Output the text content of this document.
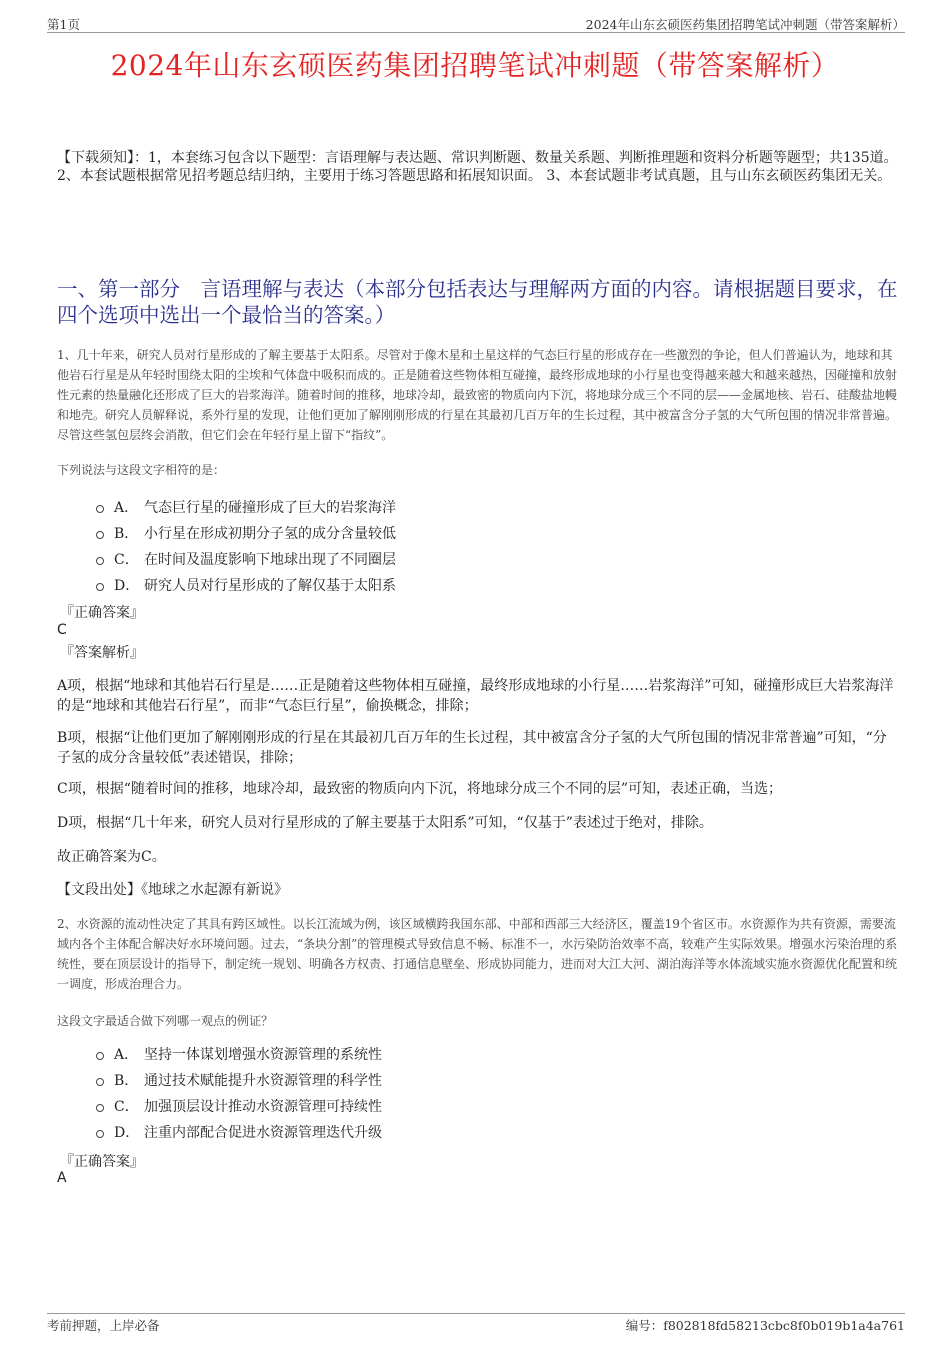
第1页	2024年山东玄硕医药集团招聘笔试冲刺题（带答案解析）
2024年山东玄硕医药集团招聘笔试冲刺题（带答案解析）
【下载须知】：1，本套练习包含以下题型：言语理解与表达题、常识判断题、数量关系题、判断推理题和资料分析题等题型；共135道。 2、本套试题根据常见招考题总结归纳，主要用于练习答题思路和拓展知识面。 3、本套试题非考试真题，且与山东玄硕医药集团无关。
一、第一部分　言语理解与表达（本部分包括表达与理解两方面的内容。请根据题目要求，在四个选项中选出一个最恰当的答案。）
1、几十年来，研究人员对行星形成的了解主要基于太阳系。尽管对于像木星和土星这样的气态巨行星的形成存在一些激烈的争论，但人们普遍认为，地球和其他岩石行星是从年轻时围绕太阳的尘埃和气体盘中吸积而成的。正是随着这些物体相互碰撞，最终形成地球的小行星也变得越来越大和越来越热，因碰撞和放射性元素的热量融化还形成了巨大的岩浆海洋。随着时间的推移，地球冷却，最致密的物质向内下沉，将地球分成三个不同的层——金属地核、岩石、硅酸盐地幔和地壳。研究人员解释说，系外行星的发现，让他们更加了解刚刚形成的行星在其最初几百万年的生长过程，其中被富含分子氢的大气所包围的情况非常普遍。尽管这些氢包层终会消散，但它们会在年轻行星上留下“指纹”。
下列说法与这段文字相符的是：
A． 气态巨行星的碰撞形成了巨大的岩浆海洋
B． 小行星在形成初期分子氢的成分含量较低
C． 在时间及温度影响下地球出现了不同圈层
D． 研究人员对行星形成的了解仅基于太阳系
『正确答案』
C
『答案解析』
A项，根据“地球和其他岩石行星是……正是随着这些物体相互碰撞，最终形成地球的小行星……岩浆海洋”可知，碰撞形成巨大岩浆海洋的是“地球和其他岩石行星”，而非“气态巨行星”，偷换概念，排除；
B项，根据“让他们更加了解刚刚形成的行星在其最初几百万年的生长过程，其中被富含分子氢的大气所包围的情况非常普遍”可知，“分子氢的成分含量较低”表述错误，排除；
C项，根据“随着时间的推移，地球冷却，最致密的物质向内下沉，将地球分成三个不同的层”可知，表述正确，当选；
D项，根据“几十年来，研究人员对行星形成的了解主要基于太阳系”可知，“仅基于”表述过于绝对，排除。
故正确答案为C。
【文段出处】《地球之水起源有新说》
2、水资源的流动性决定了其具有跨区域性。以长江流域为例，该区域横跨我国东部、中部和西部三大经济区，覆盖19个省区市。水资源作为共有资源，需要流域内各个主体配合解决好水环境问题。过去，“条块分割”的管理模式导致信息不畅、标准不一，水污染防治效率不高，较难产生实际效果。增强水污染治理的系统性，要在顶层设计的指导下，制定统一规划、明确各方权责、打通信息壁垒、形成协同能力，进而对大江大河、湖泊海洋等水体流域实施水资源优化配置和统一调度，形成治理合力。
这段文字最适合做下列哪一观点的例证？
A． 坚持一体谋划增强水资源管理的系统性
B． 通过技术赋能提升水资源管理的科学性
C． 加强顶层设计推动水资源管理可持续性
D． 注重内部配合促进水资源管理迭代升级
『正确答案』
A
考前押题，上岸必备	编号：f802818fd58213cbc8f0b019b1a4a761
